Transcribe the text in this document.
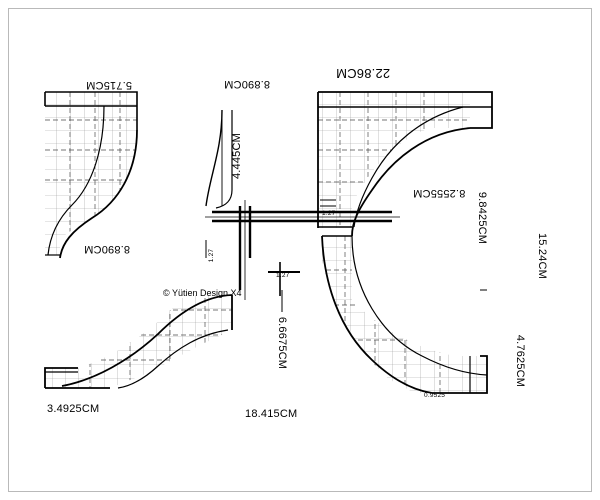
22.86CM
5.715CM	8.890CM
4.445CM
8.890CM
8.2555CM 9.8425CM
15.24CM
4.7625CM
6.6675CM
18.415CM
3.4925CM
1.27
1.27
1.27
0.9525
© Yütien Design X4
